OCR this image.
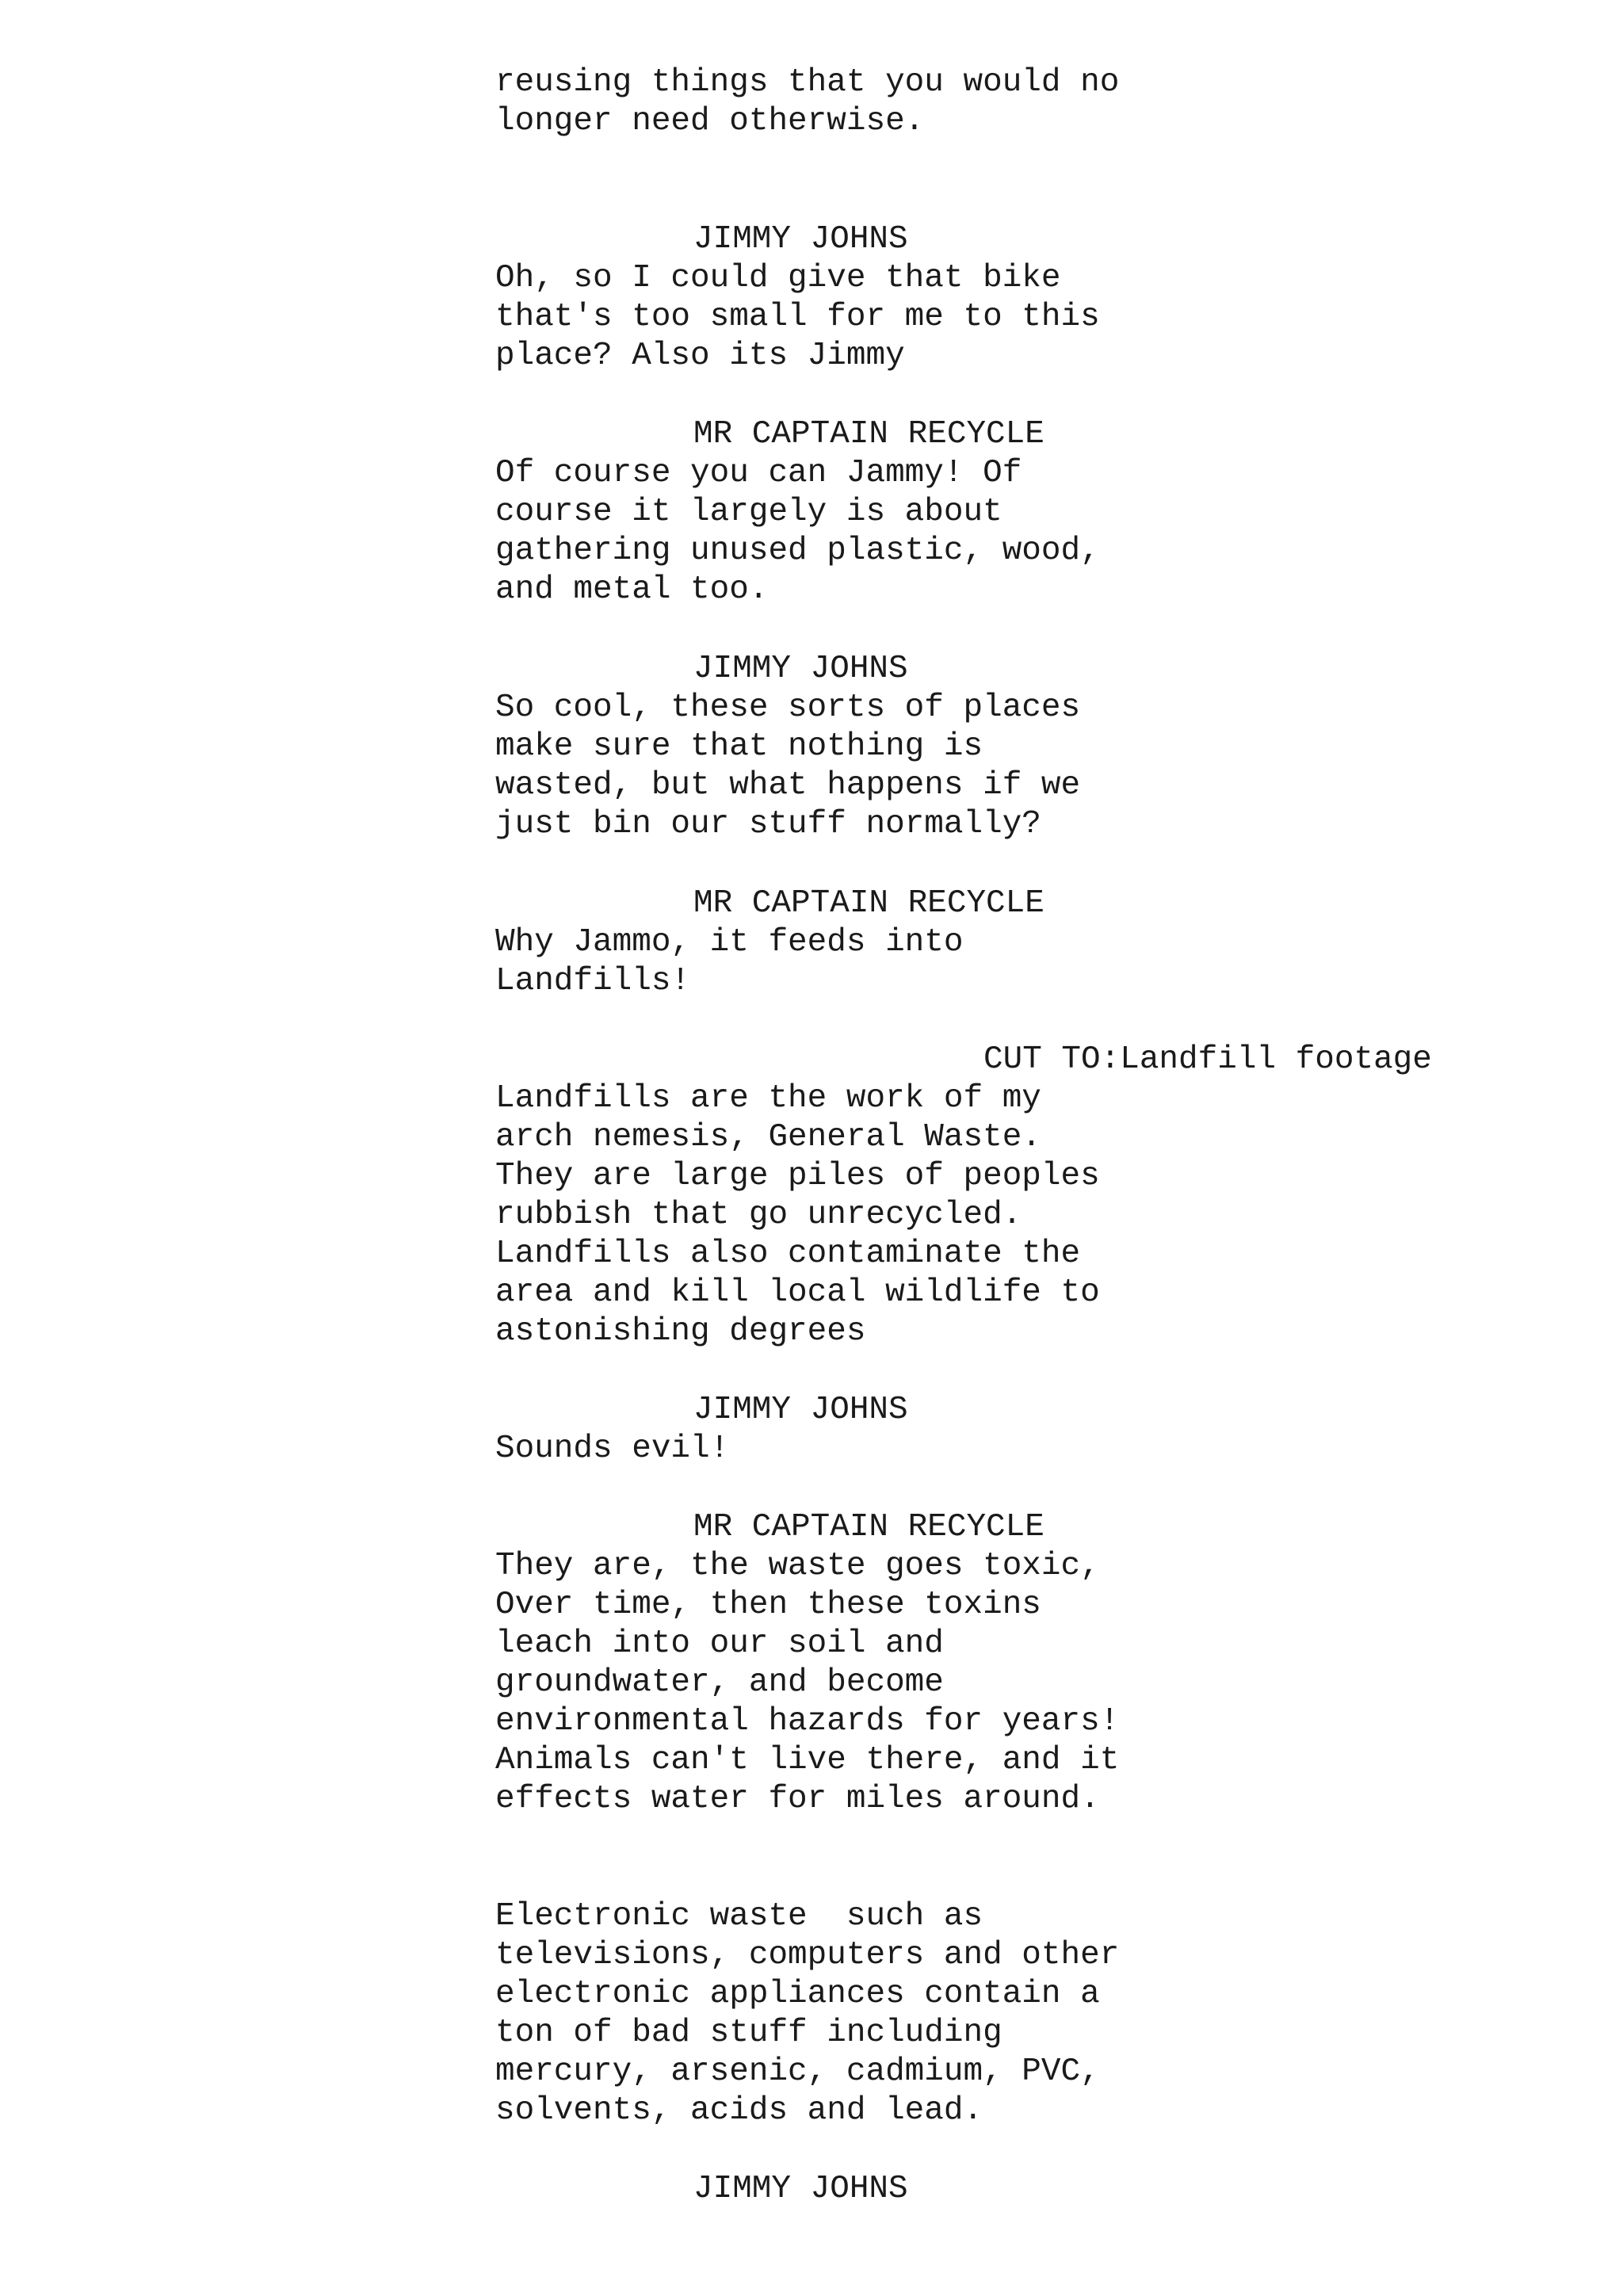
reusing things that you would no
longer need otherwise.
JIMMY JOHNS
Oh, so I could give that bike
that's too small for me to this
place? Also its Jimmy
MR CAPTAIN RECYCLE
Of course you can Jammy! Of
course it largely is about
gathering unused plastic, wood,
and metal too.
JIMMY JOHNS
So cool, these sorts of places
make sure that nothing is
wasted, but what happens if we
just bin our stuff normally?
MR CAPTAIN RECYCLE
Why Jammo, it feeds into
Landfills!
CUT TO:Landfill footage
Landfills are the work of my
arch nemesis, General Waste.
They are large piles of peoples
rubbish that go unrecycled.
Landfills also contaminate the
area and kill local wildlife to
astonishing degrees
JIMMY JOHNS
Sounds evil!
MR CAPTAIN RECYCLE
They are, the waste goes toxic,
Over time, then these toxins
leach into our soil and
groundwater, and become
environmental hazards for years!
Animals can't live there, and it
effects water for miles around.
Electronic waste  such as
televisions, computers and other
electronic appliances contain a
ton of bad stuff including
mercury, arsenic, cadmium, PVC,
solvents, acids and lead.
JIMMY JOHNS
